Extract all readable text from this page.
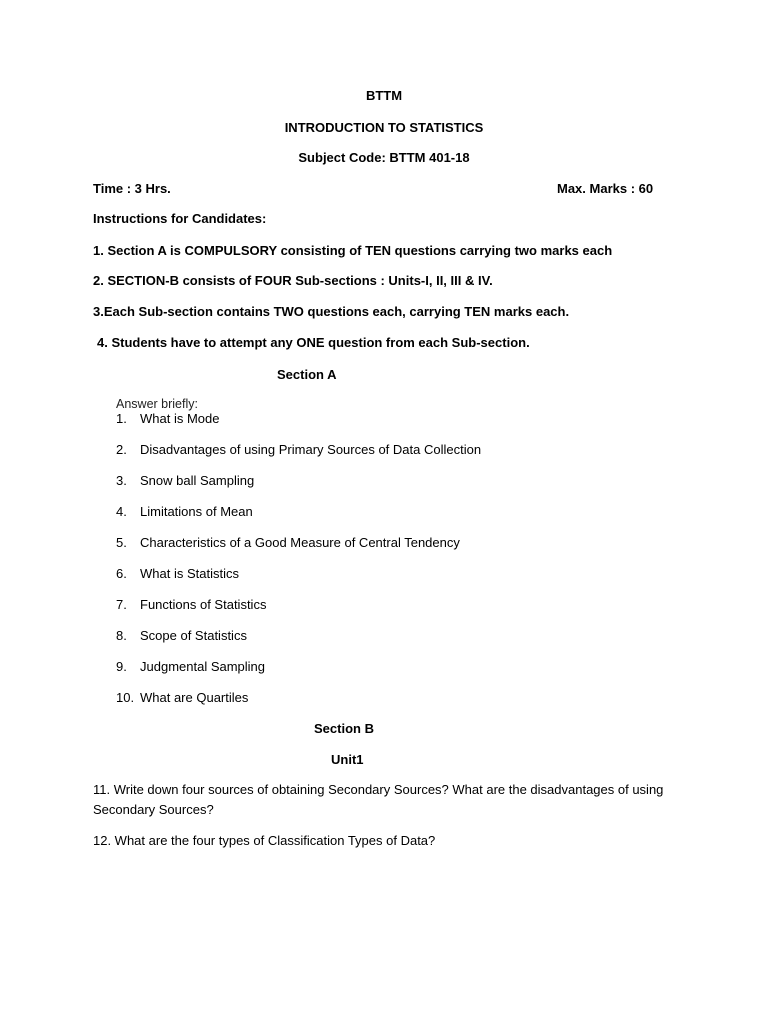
BTTM
INTRODUCTION TO STATISTICS
Subject Code: BTTM 401-18
Time : 3 Hrs.	Max. Marks : 60
Instructions for Candidates:
1. Section A is COMPULSORY consisting of TEN questions carrying two marks each
2. SECTION-B consists of FOUR Sub-sections : Units-I, II, III & IV.
3.Each Sub-section contains TWO questions each, carrying TEN marks each.
4. Students have to attempt any ONE question from each Sub-section.
Section A
Answer briefly:
1.	What is Mode
2.	Disadvantages of using Primary Sources of Data Collection
3.	Snow ball Sampling
4.	Limitations of Mean
5.	Characteristics of a Good Measure of Central Tendency
6.	What is Statistics
7.	Functions of Statistics
8.	Scope of Statistics
9.	Judgmental Sampling
10. What are Quartiles
Section B
Unit1
11. Write down four sources of obtaining Secondary Sources? What are the disadvantages of using
Secondary Sources?
12. What are the four types of Classification Types of Data?
